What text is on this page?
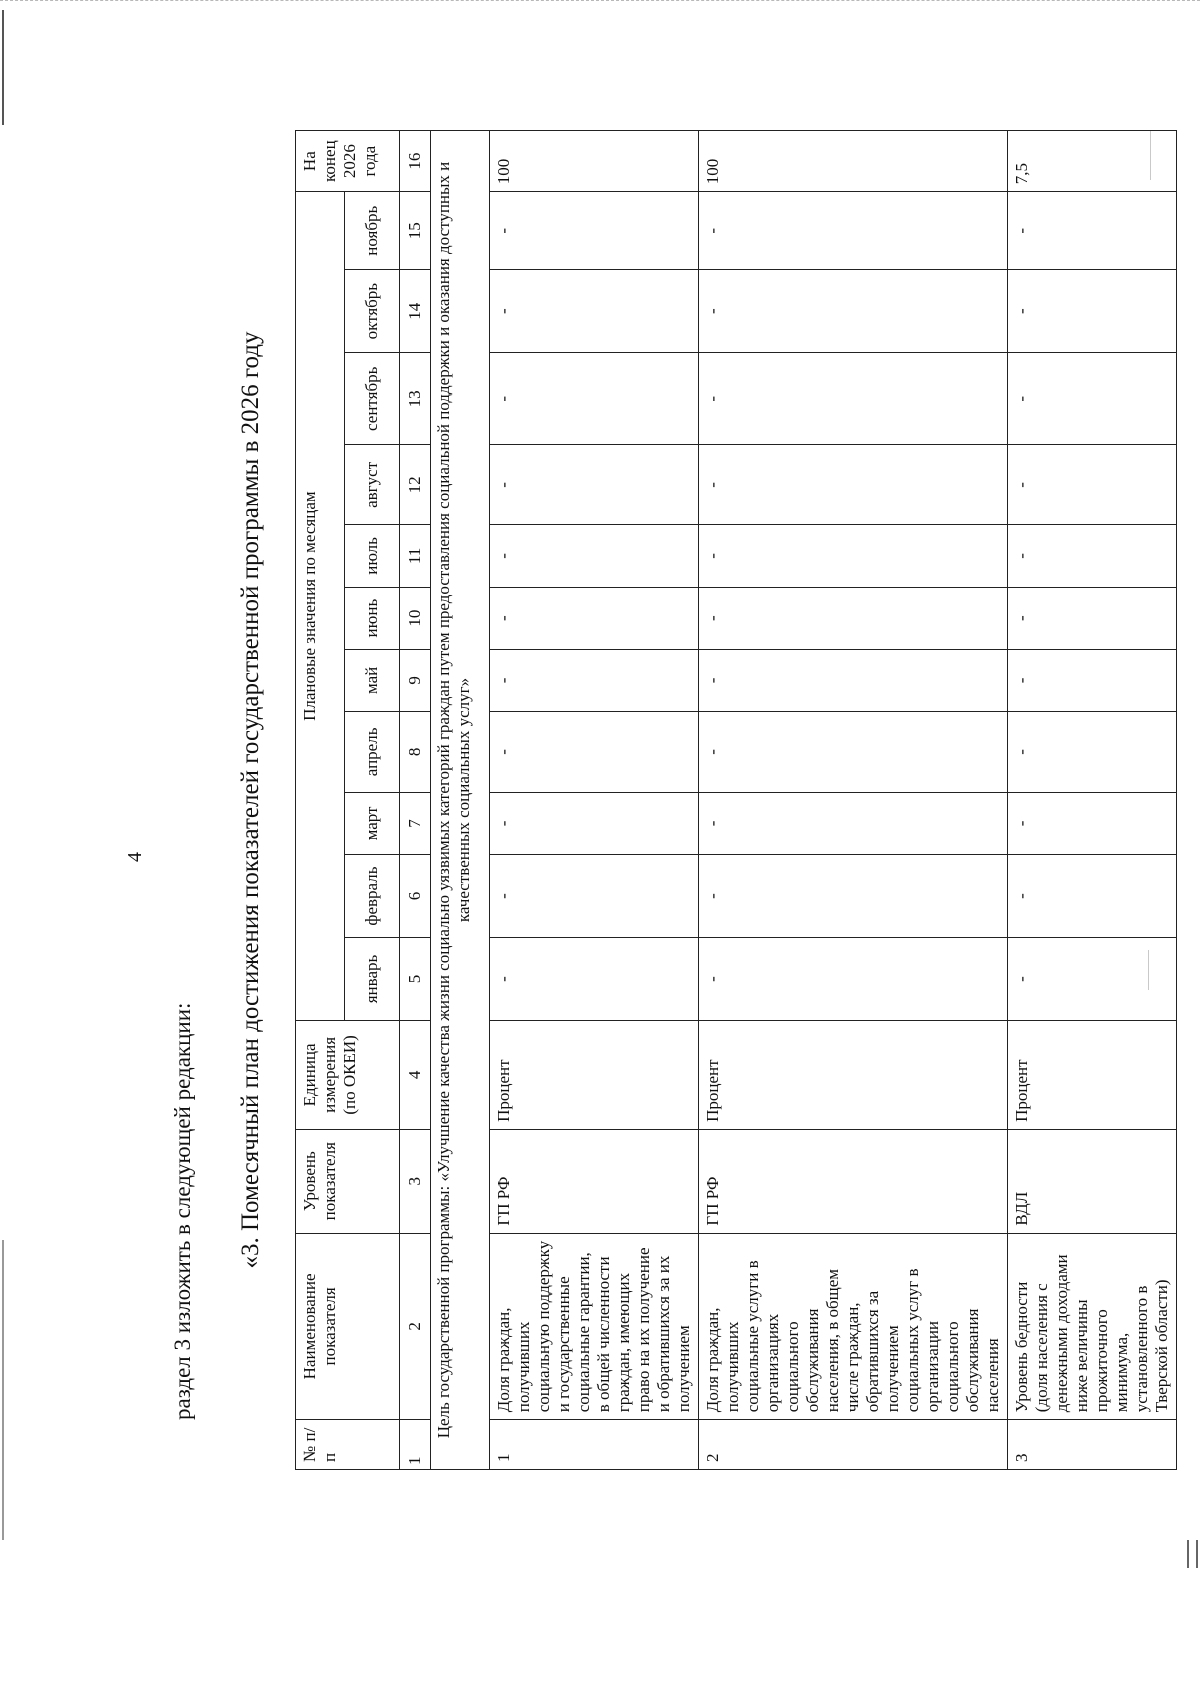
4
раздел 3 изложить в следующей редакции: «3. Помесячный план достижения показателей государственной программы в 2026 году
№ п/п	Наименование показателя	Уровень показателя	Единица измерения (по ОКЕИ)	Плановые значения по месяцам											На конец 2026 года
				январь	февраль	март	апрель	май	июнь	июль	август	сентябрь	октябрь	ноябрь	
1	2	3	4	5	6	7	8	9	10	11	12	13	14	15	16
Цель государственной программы: «Улучшение качества жизни социально уязвимых категорий граждан путем предоставления социальной поддержки и оказания доступных и качественных социальных услуг»															
1	Доля граждан, получивших социальную поддержку и государственные социальные гарантии, в общей численности граждан, имеющих право на их получение и обратившихся за их получением	ГП РФ	Процент	-	-	-	-	-	-	-	-	-	-	-	100
2	Доля граждан, получивших социальные услуги в организациях социального обслуживания населения, в общем числе граждан, обратившихся за получением социальных услуг в организации социального обслуживания населения	ГП РФ	Процент	-	-	-	-	-	-	-	-	-	-	-	100
3	Уровень бедности (доля населения с денежными доходами ниже величины прожиточного минимума, установленного в Тверской области)	ВДЛ	Процент	-	-	-	-	-	-	-	-	-	-	-	7,5
